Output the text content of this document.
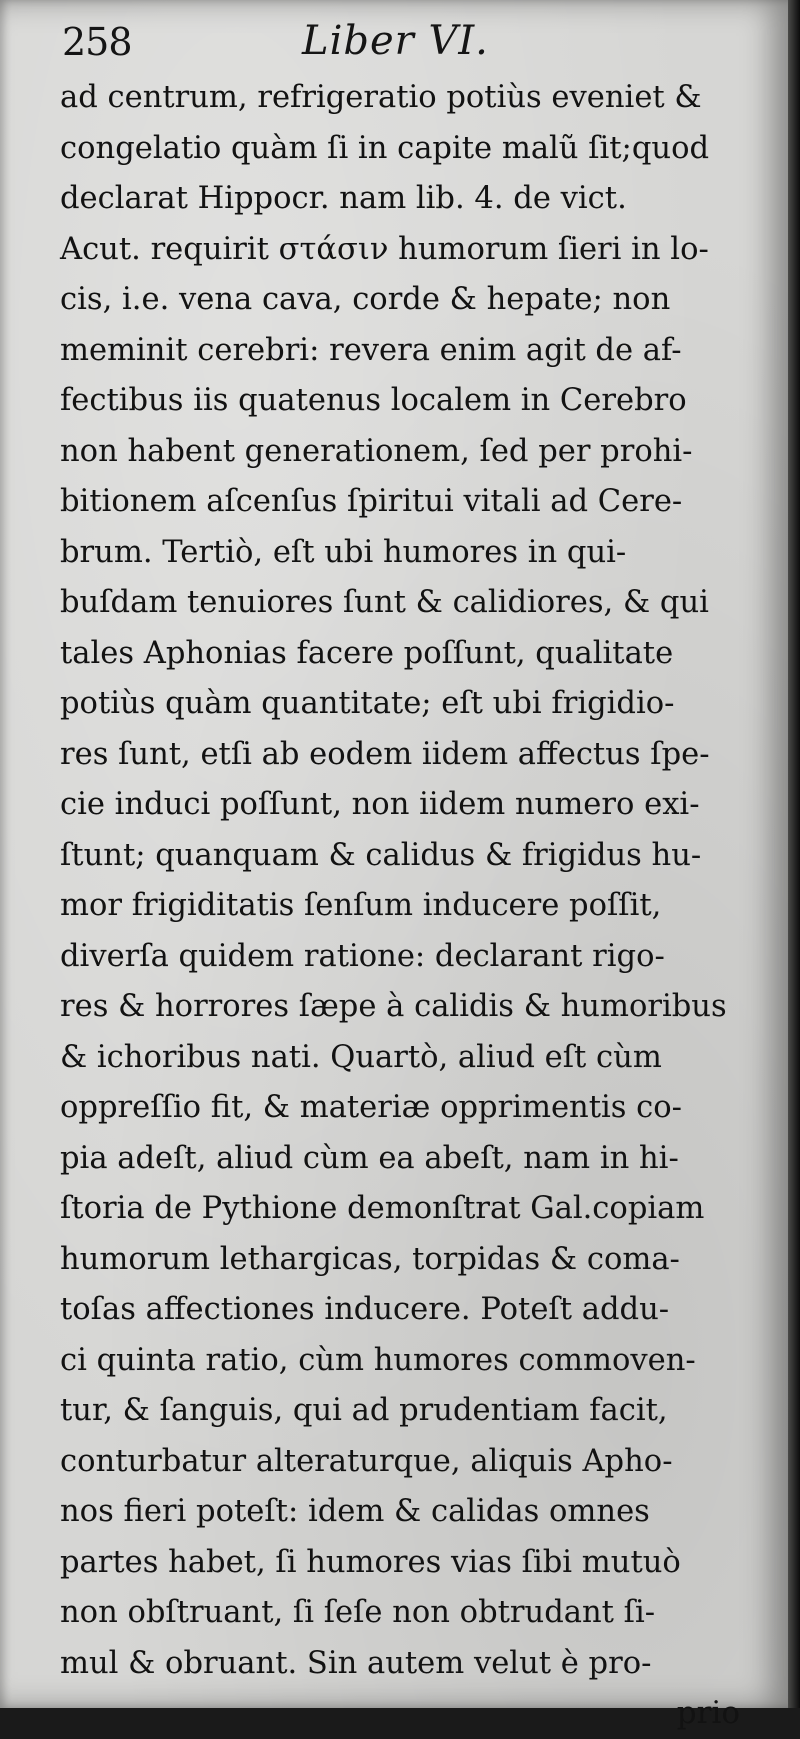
258	Liber VI.
ad centrum, refrigeratio potiùs eveniet &
congelatio quàm ſi in capite malũ ſit;quod
declarat Hippocr. nam lib. 4. de vict.
Acut. requirit στάσιν humorum ſieri in lo-
cis, i.e. vena cava, corde & hepate; non
meminit cerebri: revera enim agit de af-
fectibus iis quatenus localem in Cerebro
non habent generationem, ſed per prohi-
bitionem aſcenſus ſpiritui vitali ad Cere-
brum. Tertiò, eſt ubi humores in qui-
buſdam tenuiores ſunt & calidiores, & qui
tales Aphonias facere poſſunt, qualitate
potiùs quàm quantitate; eſt ubi frigidio-
res ſunt, etſi ab eodem iidem affectus ſpe-
cie induci poſſunt, non iidem numero exi-
ſtunt; quanquam & calidus & frigidus hu-
mor frigiditatis ſenſum inducere poſſit,
diverſa quidem ratione: declarant rigo-
res & horrores ſæpe à calidis & humoribus
& ichoribus nati. Quartò, aliud eſt cùm
oppreſſio fit, & materiæ opprimentis co-
pia adeſt, aliud cùm ea abeſt, nam in hi-
ſtoria de Pythione demonſtrat Gal.copiam
humorum lethargicas, torpidas & coma-
toſas affectiones inducere. Poteſt addu-
ci quinta ratio, cùm humores commoven-
tur, & ſanguis, qui ad prudentiam facit,
conturbatur alteraturque, aliquis Apho-
nos fieri poteſt: idem & calidas omnes
partes habet, ſi humores vias ſibi mutuò
non obſtruant, ſi ſeſe non obtrudant ſi-
mul & obruant. Sin autem velut è pro-
prio
